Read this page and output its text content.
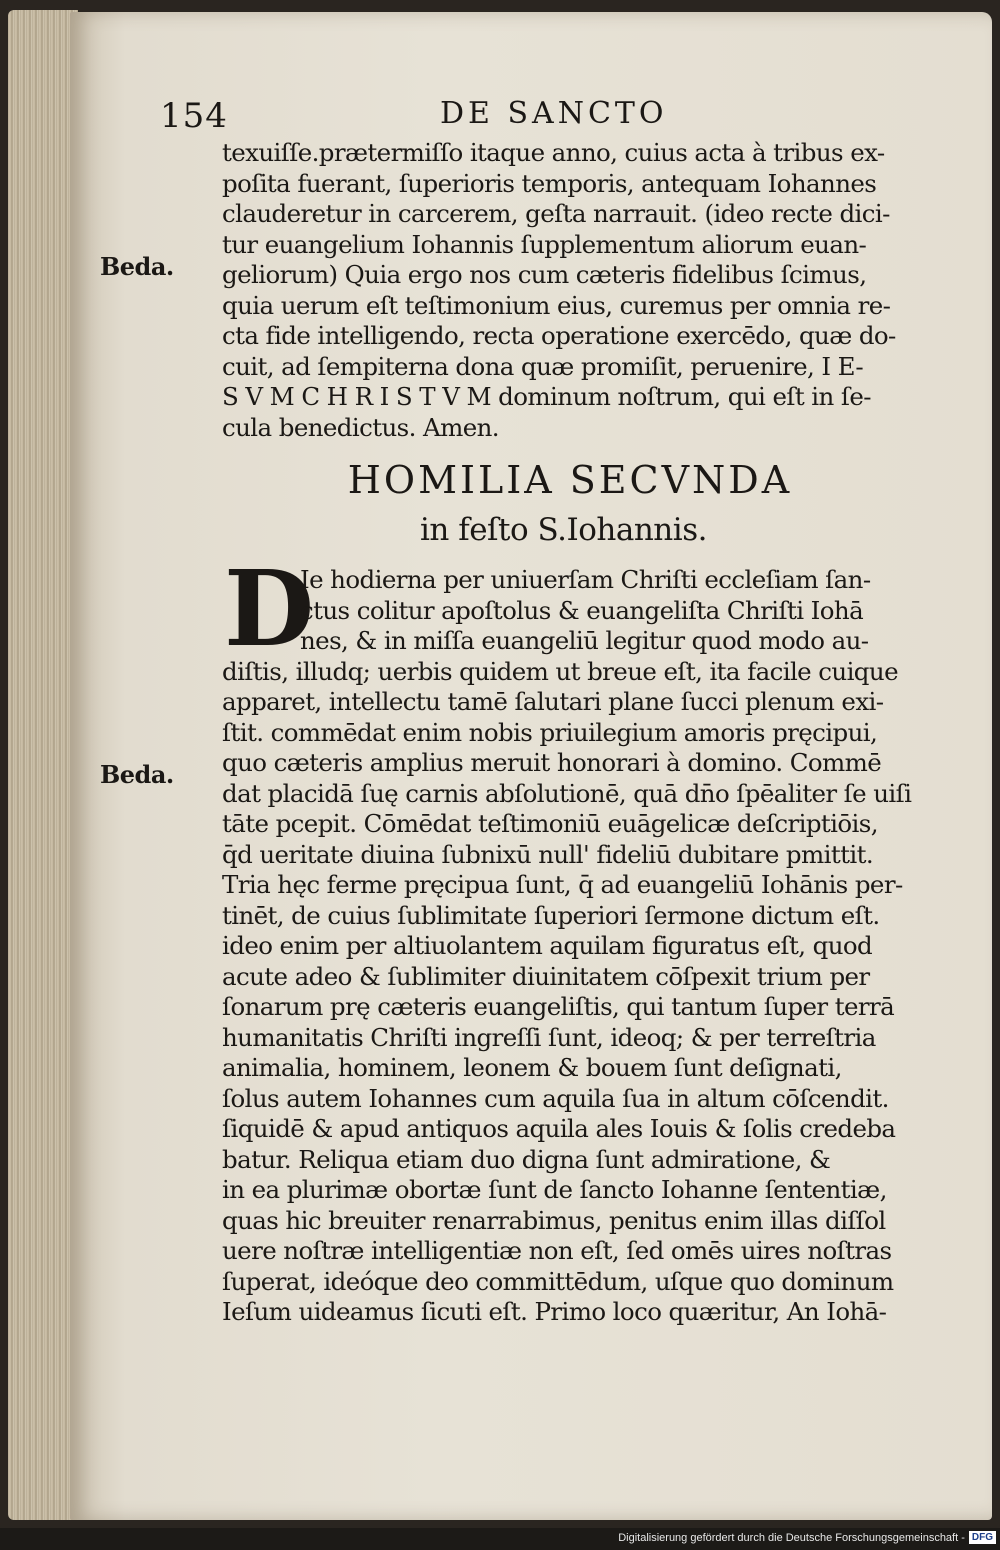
154	DE SANCTO
Beda.
Beda.
texuiſſe.prætermiſſo itaque anno, cuius acta à tribus ex-
poſita fuerant, ſuperioris temporis, antequam Iohannes
clauderetur in carcerem, geſta narrauit. (ideo recte dici-
tur euangelium Iohannis ſupplementum aliorum euan-
geliorum) Quia ergo nos cum cæteris fidelibus ſcimus,
quia uerum eſt teſtimonium eius, curemus per omnia re-
cta fide intelligendo, recta operatione exercēdo, quæ do-
cuit, ad ſempiterna dona quæ promiſit, peruenire, I E-
S V M C H R I S T V M dominum noſtrum, qui eſt in ſe-
cula benedictus. Amen.
HOMILIA SECVNDA
in feſto S.Iohannis.
D
Ie hodierna per uniuerſam Chriſti eccleſiam ſan-
ctus colitur apoſtolus & euangeliſta Chriſti Iohā
nes, & in miſſa euangeliū legitur quod modo au-
diſtis, illudq; uerbis quidem ut breue eſt, ita facile cuique
apparet, intellectu tamē ſalutari plane ſucci plenum exi-
ſtit. commēdat enim nobis priuilegium amoris pręcipui,
quo cæteris amplius meruit honorari à domino. Commē
dat placidā ſuę carnis abſolutionē, quā dn̄o ſpēaliter ſe uiſi
tāte pcepit. Cōmēdat teſtimoniū euāgelicæ deſcriptiōis,
q̄d ueritate diuina ſubnixū null' fideliū dubitare pmittit.
Tria hęc ferme pręcipua ſunt, q̄ ad euangeliū Iohānis per-
tinēt, de cuius ſublimitate ſuperiori ſermone dictum eſt.
ideo enim per altiuolantem aquilam figuratus eſt, quod
acute adeo & ſublimiter diuinitatem cōſpexit trium per
ſonarum prę cæteris euangeliſtis, qui tantum ſuper terrā
humanitatis Chriſti ingreſſi ſunt, ideoq; & per terreſtria
animalia, hominem, leonem & bouem ſunt deſignati,
ſolus autem Iohannes cum aquila ſua in altum cōſcendit.
ſiquidē & apud antiquos aquila ales Iouis & ſolis credeba
batur. Reliqua etiam duo digna ſunt admiratione, &
in ea plurimæ obortæ ſunt de ſancto Iohanne ſententiæ,
quas hic breuiter renarrabimus, penitus enim illas diſſol
uere noſtræ intelligentiæ non eſt, ſed omēs uires noſtras
ſuperat, ideóque deo committēdum, uſque quo dominum
Ieſum uideamus ſicuti eſt. Primo loco quæritur, An Iohā-
Digitalisierung gefördert durch die Deutsche Forschungsgemeinschaft - DFG
